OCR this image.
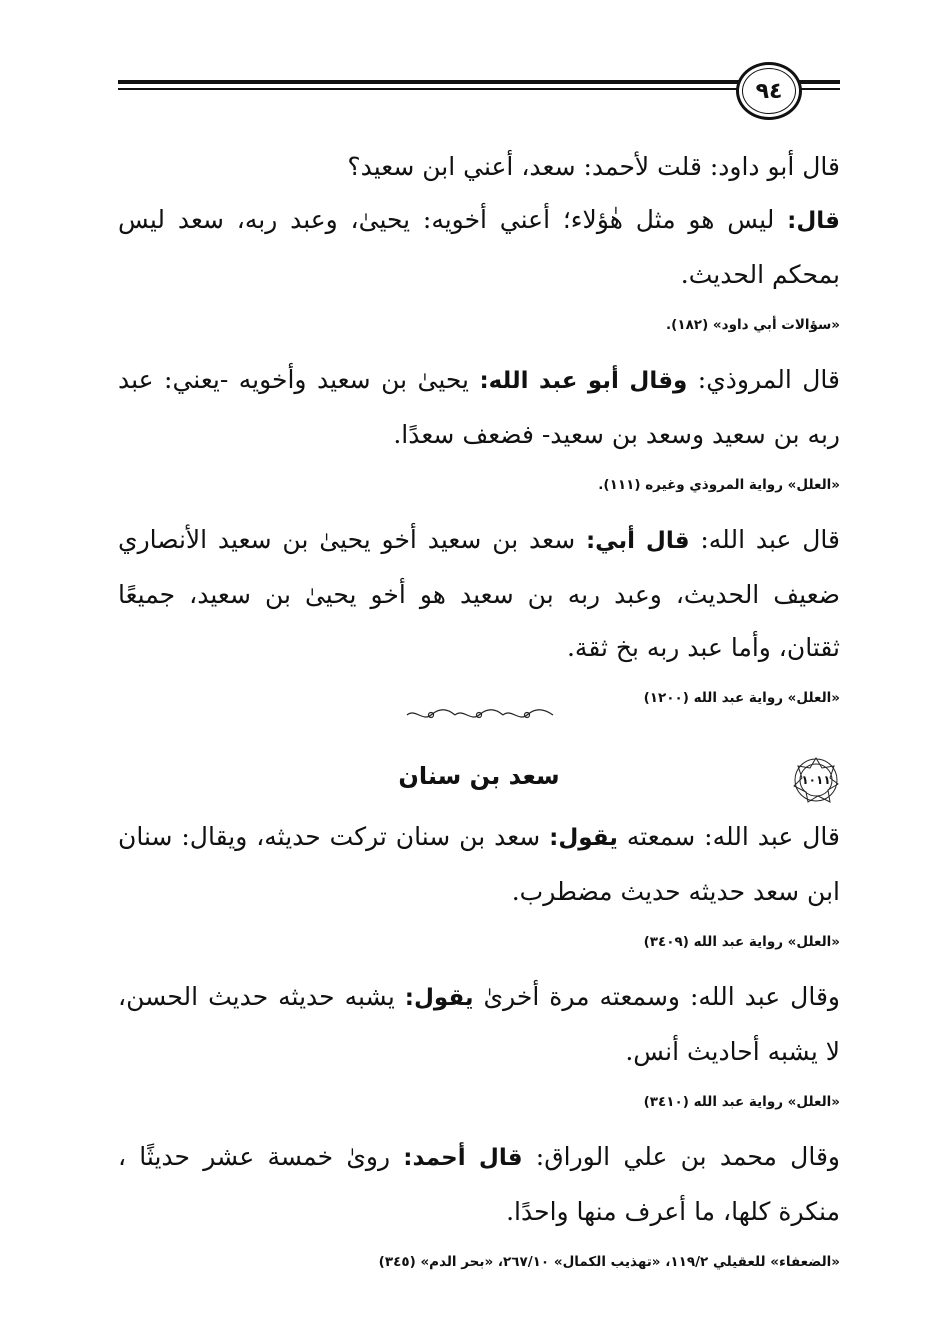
٩٤

قال أبو داود: قلت لأحمد: سعد، أعني ابن سعيد؟

قال: ليس هو مثل هٰؤلاء؛ أعني أخويه: يحيىٰ، وعبد ربه، سعد ليس بمحكم الحديث.

«سؤالات أبي داود» (١٨٢).

قال المروذي: وقال أبو عبد الله: يحيىٰ بن سعيد وأخويه -يعني: عبد ربه بن سعيد وسعد بن سعيد- فضعف سعدًا.

«العلل» رواية المروذي وغيره (١١١).

قال عبد الله: قال أبي: سعد بن سعيد أخو يحيىٰ بن سعيد الأنصاري ضعيف الحديث، وعبد ربه بن سعيد هو أخو يحيىٰ بن سعيد، جميعًا ثقتان، وأما عبد ربه بخ ثقة.

«العلل» رواية عبد الله (١٢٠٠)
١٠١١
سعد بن سنان

قال عبد الله: سمعته يقول: سعد بن سنان تركت حديثه، ويقال: سنان ابن سعد حديثه حديث مضطرب.

«العلل» رواية عبد الله (٣٤٠٩)

وقال عبد الله: وسمعته مرة أخرىٰ يقول: يشبه حديثه حديث الحسن، لا يشبه أحاديث أنس.

«العلل» رواية عبد الله (٣٤١٠)

وقال محمد بن علي الوراق: قال أحمد: رویٰ خمسة عشر حديثًا ، منكرة كلها، ما أعرف منها واحدًا.

«الضعفاء» للعقيلي ١١٩/٢، «تهذيب الكمال» ٢٦٧/١٠، «بحر الدم» (٣٤٥)
